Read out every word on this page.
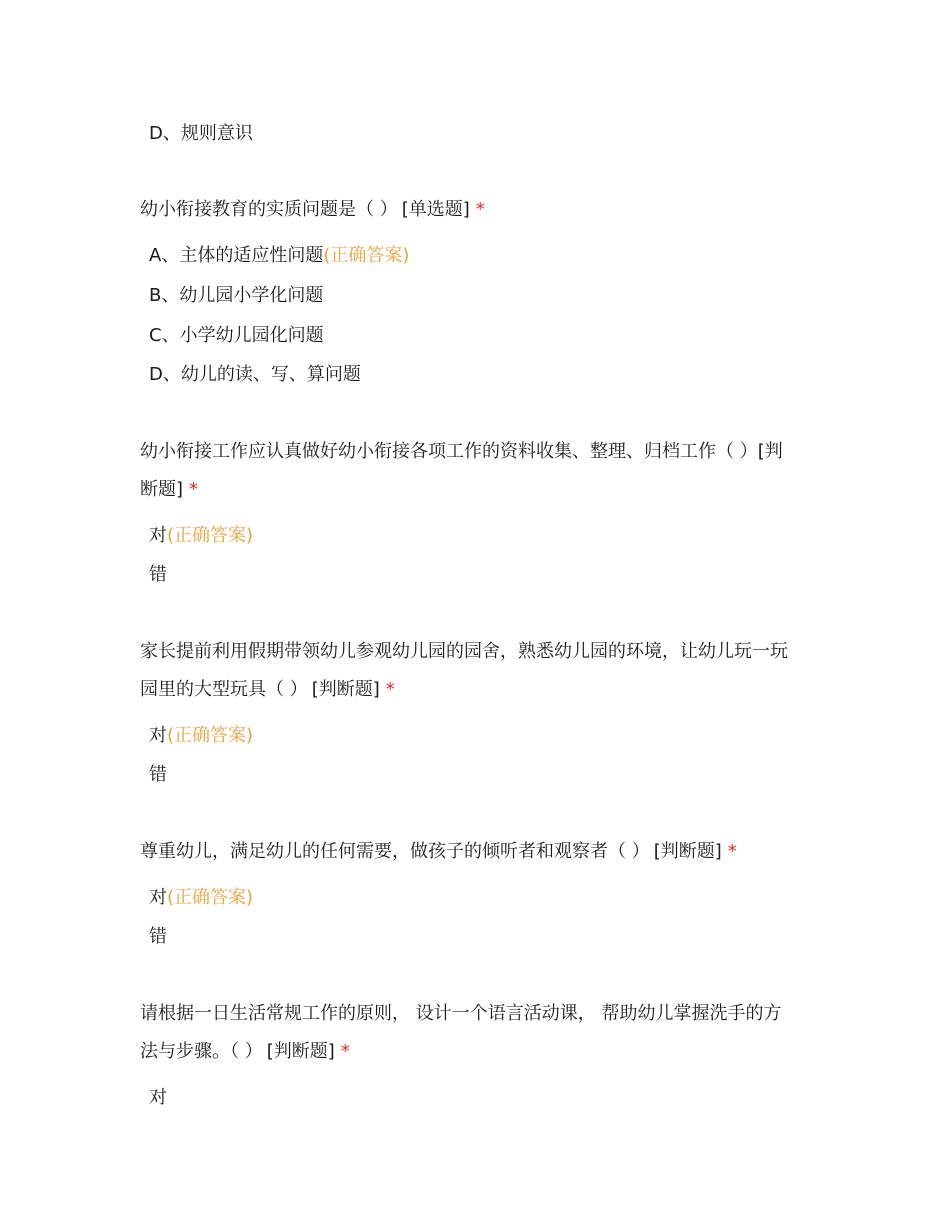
D、规则意识
幼小衔接教育的实质问题是（ ） [单选题] *
A、主体的适应性问题(正确答案)
B、幼儿园小学化问题
C、小学幼儿园化问题
D、幼儿的读、写、算问题
幼小衔接工作应认真做好幼小衔接各项工作的资料收集、整理、归档工作（ ）[判
断题] *
对(正确答案)
错
家长提前利用假期带领幼儿参观幼儿园的园舍，熟悉幼儿园的环境，让幼儿玩一玩
园里的大型玩具（ ） [判断题] *
对(正确答案)
错
尊重幼儿，满足幼儿的任何需要，做孩子的倾听者和观察者（ ） [判断题] *
对(正确答案)
错
请根据一日生活常规工作的原则， 设计一个语言活动课， 帮助幼儿掌握洗手的方
法与步骤。（ ） [判断题] *
对
